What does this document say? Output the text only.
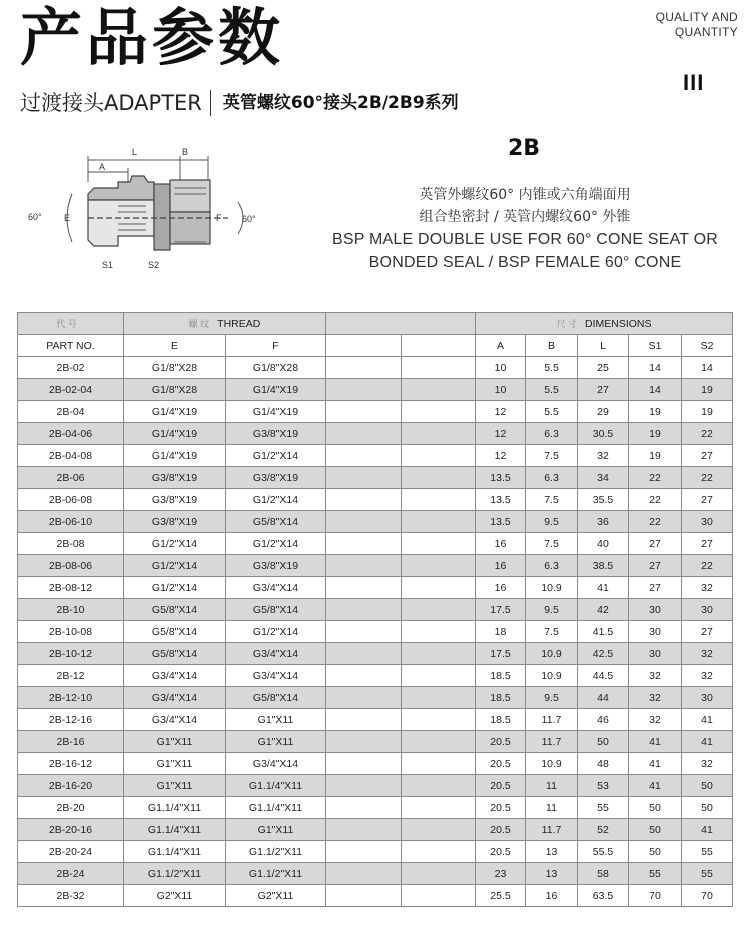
产品参数	QUALITY AND
QUANTITY
III
过渡接头ADAPTER 英管螺纹60°接头2B/2B9系列
A
L	B
E	F
60°	60°
S1	S2
2B
英管外螺纹60° 内锥或六角端面用
组合垫密封 / 英管内螺纹60° 外锥
BSP MALE DOUBLE USE FOR 60° CONE SEAT OR
BONDED SEAL / BSP FEMALE 60° CONE
代 号	螺 纹 THREAD				尺 寸 DIMENSIONS				
PART NO.	E	F			A	B	L	S1	S2
2B-02	G1/8"X28	G1/8"X28			10	5.5	25	14	14
2B-02-04	G1/8"X28	G1/4"X19			10	5.5	27	14	19
2B-04	G1/4"X19	G1/4"X19			12	5.5	29	19	19
2B-04-06	G1/4"X19	G3/8"X19			12	6.3	30.5	19	22
2B-04-08	G1/4"X19	G1/2"X14			12	7.5	32	19	27
2B-06	G3/8"X19	G3/8"X19			13.5	6.3	34	22	22
2B-06-08	G3/8"X19	G1/2"X14			13.5	7.5	35.5	22	27
2B-06-10	G3/8"X19	G5/8"X14			13.5	9.5	36	22	30
2B-08	G1/2"X14	G1/2"X14			16	7.5	40	27	27
2B-08-06	G1/2"X14	G3/8"X19			16	6.3	38.5	27	22
2B-08-12	G1/2"X14	G3/4"X14			16	10.9	41	27	32
2B-10	G5/8"X14	G5/8"X14			17.5	9.5	42	30	30
2B-10-08	G5/8"X14	G1/2"X14			18	7.5	41.5	30	27
2B-10-12	G5/8"X14	G3/4"X14			17.5	10.9	42.5	30	32
2B-12	G3/4"X14	G3/4"X14			18.5	10.9	44.5	32	32
2B-12-10	G3/4"X14	G5/8"X14			18.5	9.5	44	32	30
2B-12-16	G3/4"X14	G1"X11			18.5	11.7	46	32	41
2B-16	G1"X11	G1"X11			20.5	11.7	50	41	41
2B-16-12	G1"X11	G3/4"X14			20.5	10.9	48	41	32
2B-16-20	G1"X11	G1.1/4"X11			20.5	11	53	41	50
2B-20	G1.1/4"X11	G1.1/4"X11			20.5	11	55	50	50
2B-20-16	G1.1/4"X11	G1"X11			20.5	11.7	52	50	41
2B-20-24	G1.1/4"X11	G1.1/2"X11			20.5	13	55.5	50	55
2B-24	G1.1/2"X11	G1.1/2"X11			23	13	58	55	55
2B-32	G2"X11	G2"X11			25.5	16	63.5	70	70
